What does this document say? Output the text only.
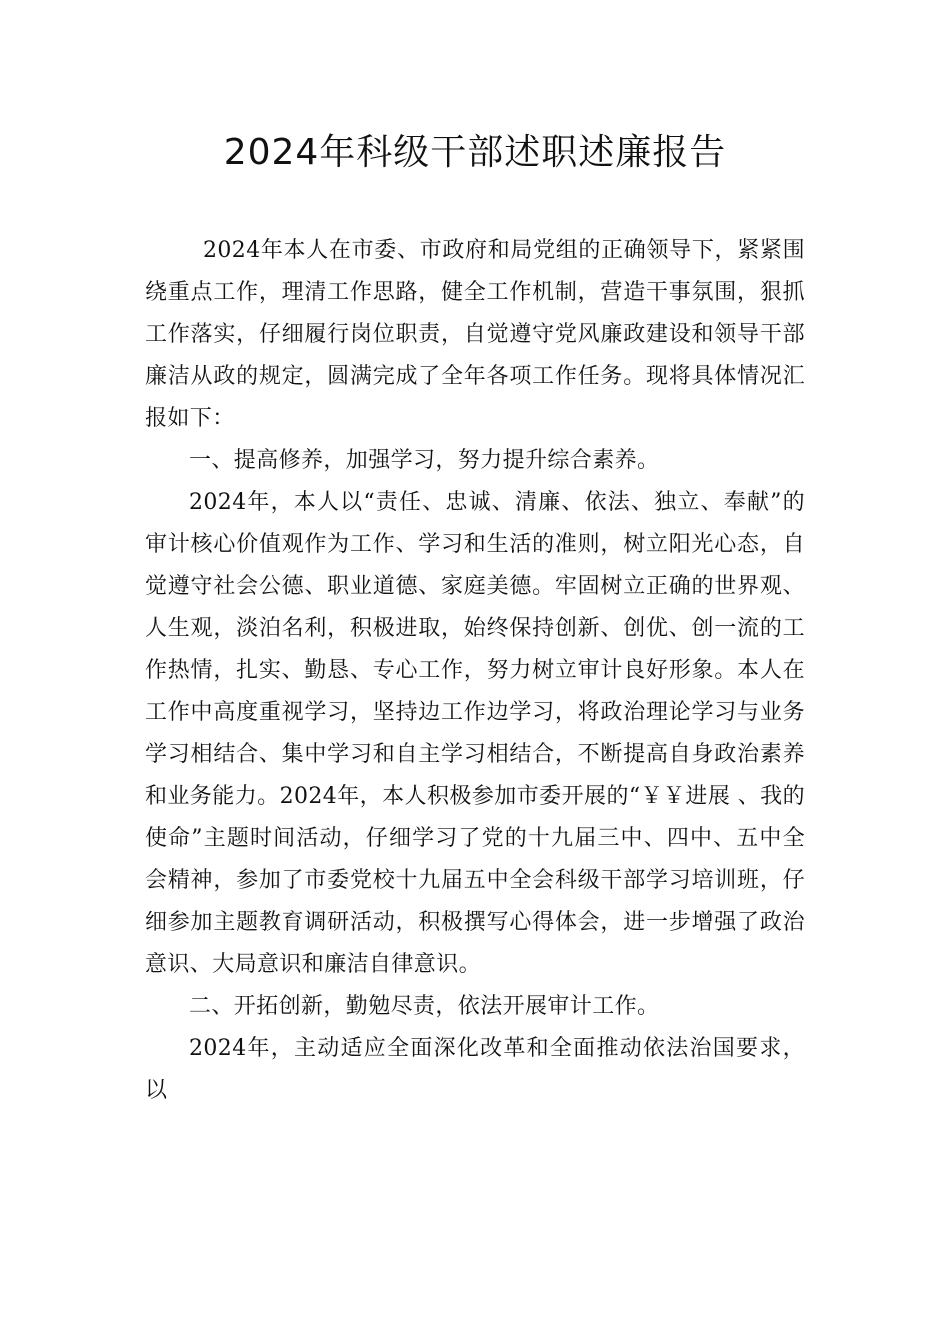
2024年科级干部述职述廉报告

2024年本人在市委、市政府和局党组的正确领导下，紧紧围绕重点工作，理清工作思路，健全工作机制，营造干事氛围，狠抓工作落实，仔细履行岗位职责，自觉遵守党风廉政建设和领导干部廉洁从政的规定，圆满完成了全年各项工作任务。现将具体情况汇报如下：

一、提高修养，加强学习，努力提升综合素养。

2024年，本人以“责任、忠诚、清廉、依法、独立、奉献”的审计核心价值观作为工作、学习和生活的准则，树立阳光心态，自觉遵守社会公德、职业道德、家庭美德。牢固树立正确的世界观、人生观，淡泊名利，积极进取，始终保持创新、创优、创一流的工作热情，扎实、勤恳、专心工作，努力树立审计良好形象。本人在工作中高度重视学习，坚持边工作边学习，将政治理论学习与业务学习相结合、集中学习和自主学习相结合，不断提高自身政治素养和业务能力。2024年，本人积极参加市委开展的“￥￥进展 、我的使命”主题时间活动，仔细学习了党的十九届三中、四中、五中全会精神，参加了市委党校十九届五中全会科级干部学习培训班，仔细参加主题教育调研活动，积极撰写心得体会，进一步增强了政治意识、大局意识和廉洁自律意识。

二、开拓创新，勤勉尽责，依法开展审计工作。

2024年，主动适应全面深化改革和全面推动依法治国要求，以
